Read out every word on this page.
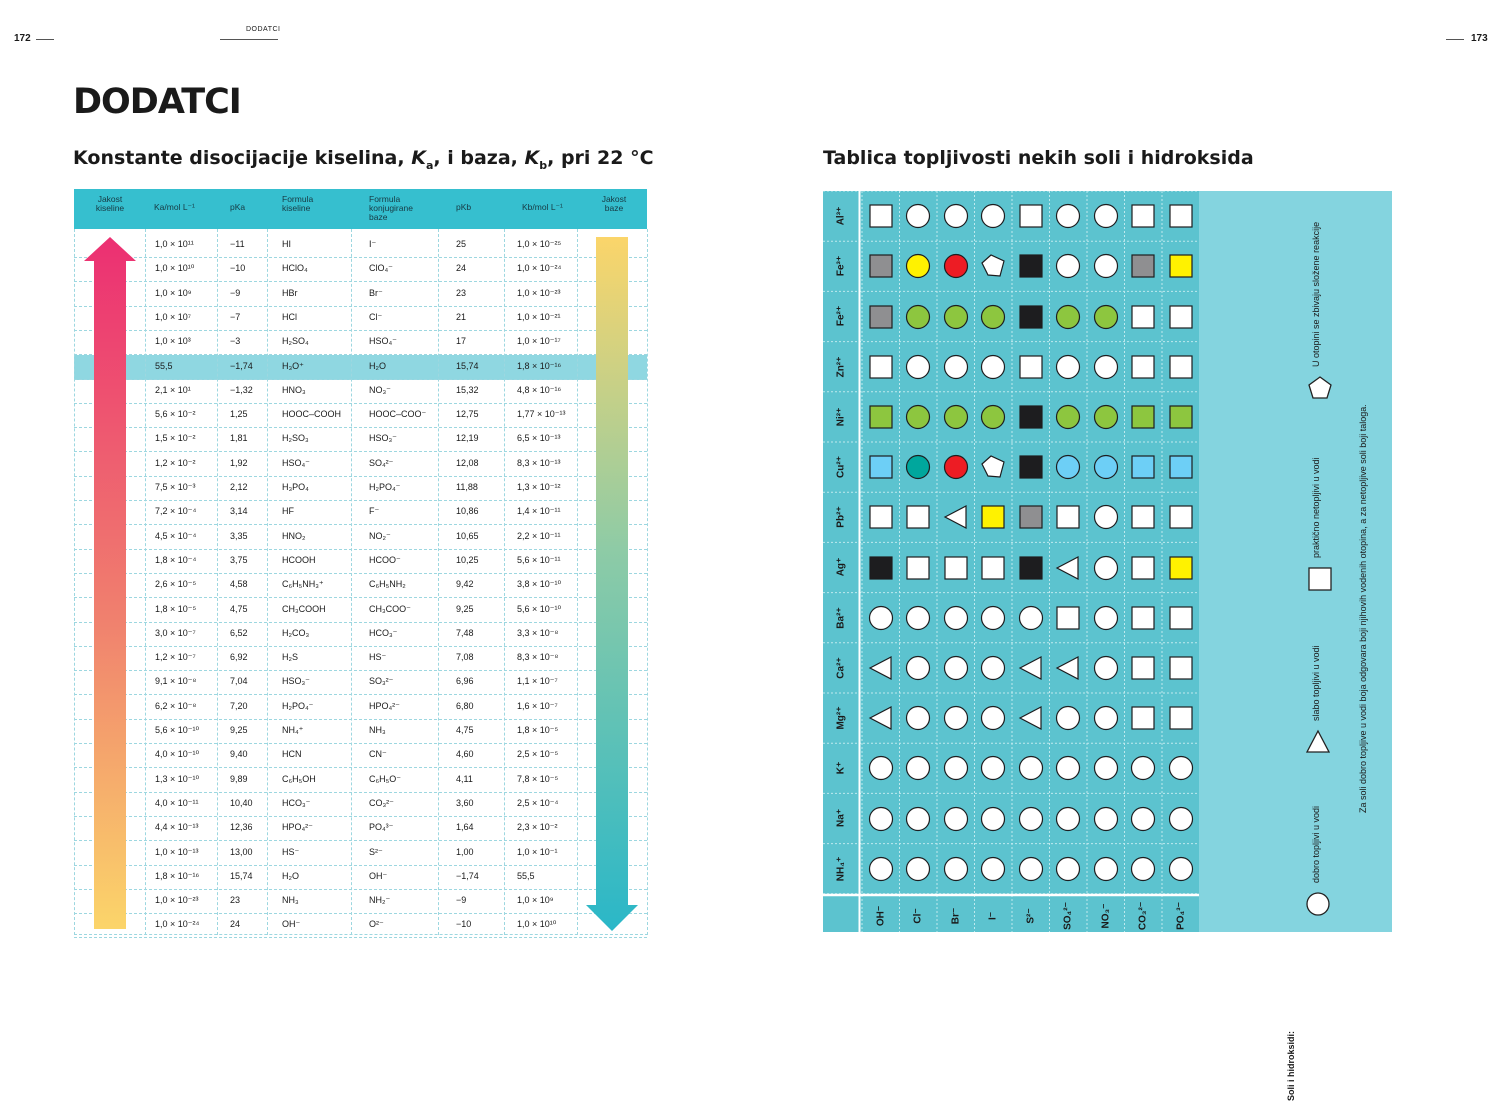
172
DODATCI
173
DODATCI
Konstante disocijacije kiselina, $K_a$, i baza, $K_b$, pri 22 °C	Tablica topljivosti nekih soli i hidroksida
Jakost kiseline	Ka/mol L⁻¹	pKa
Formula kiseline
Formula konjugirane baze
pKb	Kb/mol L⁻¹
Jakost baze
1,0 × 10¹¹	−11	HI	I⁻	25	1,0 × 10⁻²⁵
1,0 × 10¹⁰	−10	HClO₄	ClO₄⁻	24	1,0 × 10⁻²⁴
1,0 × 10⁹	−9	HBr	Br⁻	23	1,0 × 10⁻²³
1,0 × 10⁷	−7	HCl	Cl⁻	21	1,0 × 10⁻²¹
1,0 × 10³	−3	H₂SO₄	HSO₄⁻	17	1,0 × 10⁻¹⁷
55,5	−1,74	H₃O⁺	H₂O	15,74	1,8 × 10⁻¹⁶
2,1 × 10¹	−1,32	HNO₃	NO₃⁻	15,32	4,8 × 10⁻¹⁶
5,6 × 10⁻²	1,25	HOOC–COOH	HOOC–COO⁻	12,75	1,77 × 10⁻¹³
1,5 × 10⁻²	1,81	H₂SO₃	HSO₃⁻	12,19	6,5 × 10⁻¹³
1,2 × 10⁻²	1,92	HSO₄⁻	SO₄²⁻	12,08	8,3 × 10⁻¹³
7,5 × 10⁻³	2,12	H₃PO₄	H₂PO₄⁻	11,88	1,3 × 10⁻¹²
7,2 × 10⁻⁴	3,14	HF	F⁻	10,86	1,4 × 10⁻¹¹
4,5 × 10⁻⁴	3,35	HNO₂	NO₂⁻	10,65	2,2 × 10⁻¹¹
1,8 × 10⁻⁴	3,75	HCOOH	HCOO⁻	10,25	5,6 × 10⁻¹¹
2,6 × 10⁻⁵	4,58	C₆H₅NH₃⁺	C₆H₅NH₂	9,42	3,8 × 10⁻¹⁰
1,8 × 10⁻⁵	4,75	CH₃COOH	CH₃COO⁻	9,25	5,6 × 10⁻¹⁰
3,0 × 10⁻⁷	6,52	H₂CO₃	HCO₃⁻	7,48	3,3 × 10⁻⁸
1,2 × 10⁻⁷	6,92	H₂S	HS⁻	7,08	8,3 × 10⁻⁸
9,1 × 10⁻⁸	7,04	HSO₃⁻	SO₃²⁻	6,96	1,1 × 10⁻⁷
6,2 × 10⁻⁸	7,20	H₂PO₄⁻	HPO₄²⁻	6,80	1,6 × 10⁻⁷
5,6 × 10⁻¹⁰	9,25	NH₄⁺	NH₃	4,75	1,8 × 10⁻⁵
4,0 × 10⁻¹⁰	9,40	HCN	CN⁻	4,60	2,5 × 10⁻⁵
1,3 × 10⁻¹⁰	9,89	C₆H₅OH	C₆H₅O⁻	4,11	7,8 × 10⁻⁵
4,0 × 10⁻¹¹	10,40	HCO₃⁻	CO₃²⁻	3,60	2,5 × 10⁻⁴
4,4 × 10⁻¹³	12,36	HPO₄²⁻	PO₄³⁻	1,64	2,3 × 10⁻²
1,0 × 10⁻¹³	13,00	HS⁻	S²⁻	1,00	1,0 × 10⁻¹
1,8 × 10⁻¹⁶	15,74	H₂O	OH⁻	−1,74	55,5
1,0 × 10⁻²³	23	NH₃	NH₂⁻	−9	1,0 × 10⁹
1,0 × 10⁻²⁴	24	OH⁻	O²⁻	−10	1,0 × 10¹⁰
Al³⁺
Fe³⁺
Fe²⁺
Zn²⁺
Ni²⁺
Cu²⁺
Pb²⁺
Ag⁺
Ba²⁺
Ca²⁺
Mg²⁺
K⁺
Na⁺
NH₄⁺
OH⁻	Cl⁻	Br⁻	I⁻	S²⁻	SO₄²⁻	NO₃⁻	CO₃²⁻	PO₄³⁻
Soli i hidroksidi:
dobro topljivi u vodi
slabo topljivi u vodi
praktično netopljivi u vodi
U otopini se zbivaju složene reakcije
Za soli dobro topljive u vodi boja odgovara boji njihovih vodenih otopina, a za netopljive soli boji taloga.
